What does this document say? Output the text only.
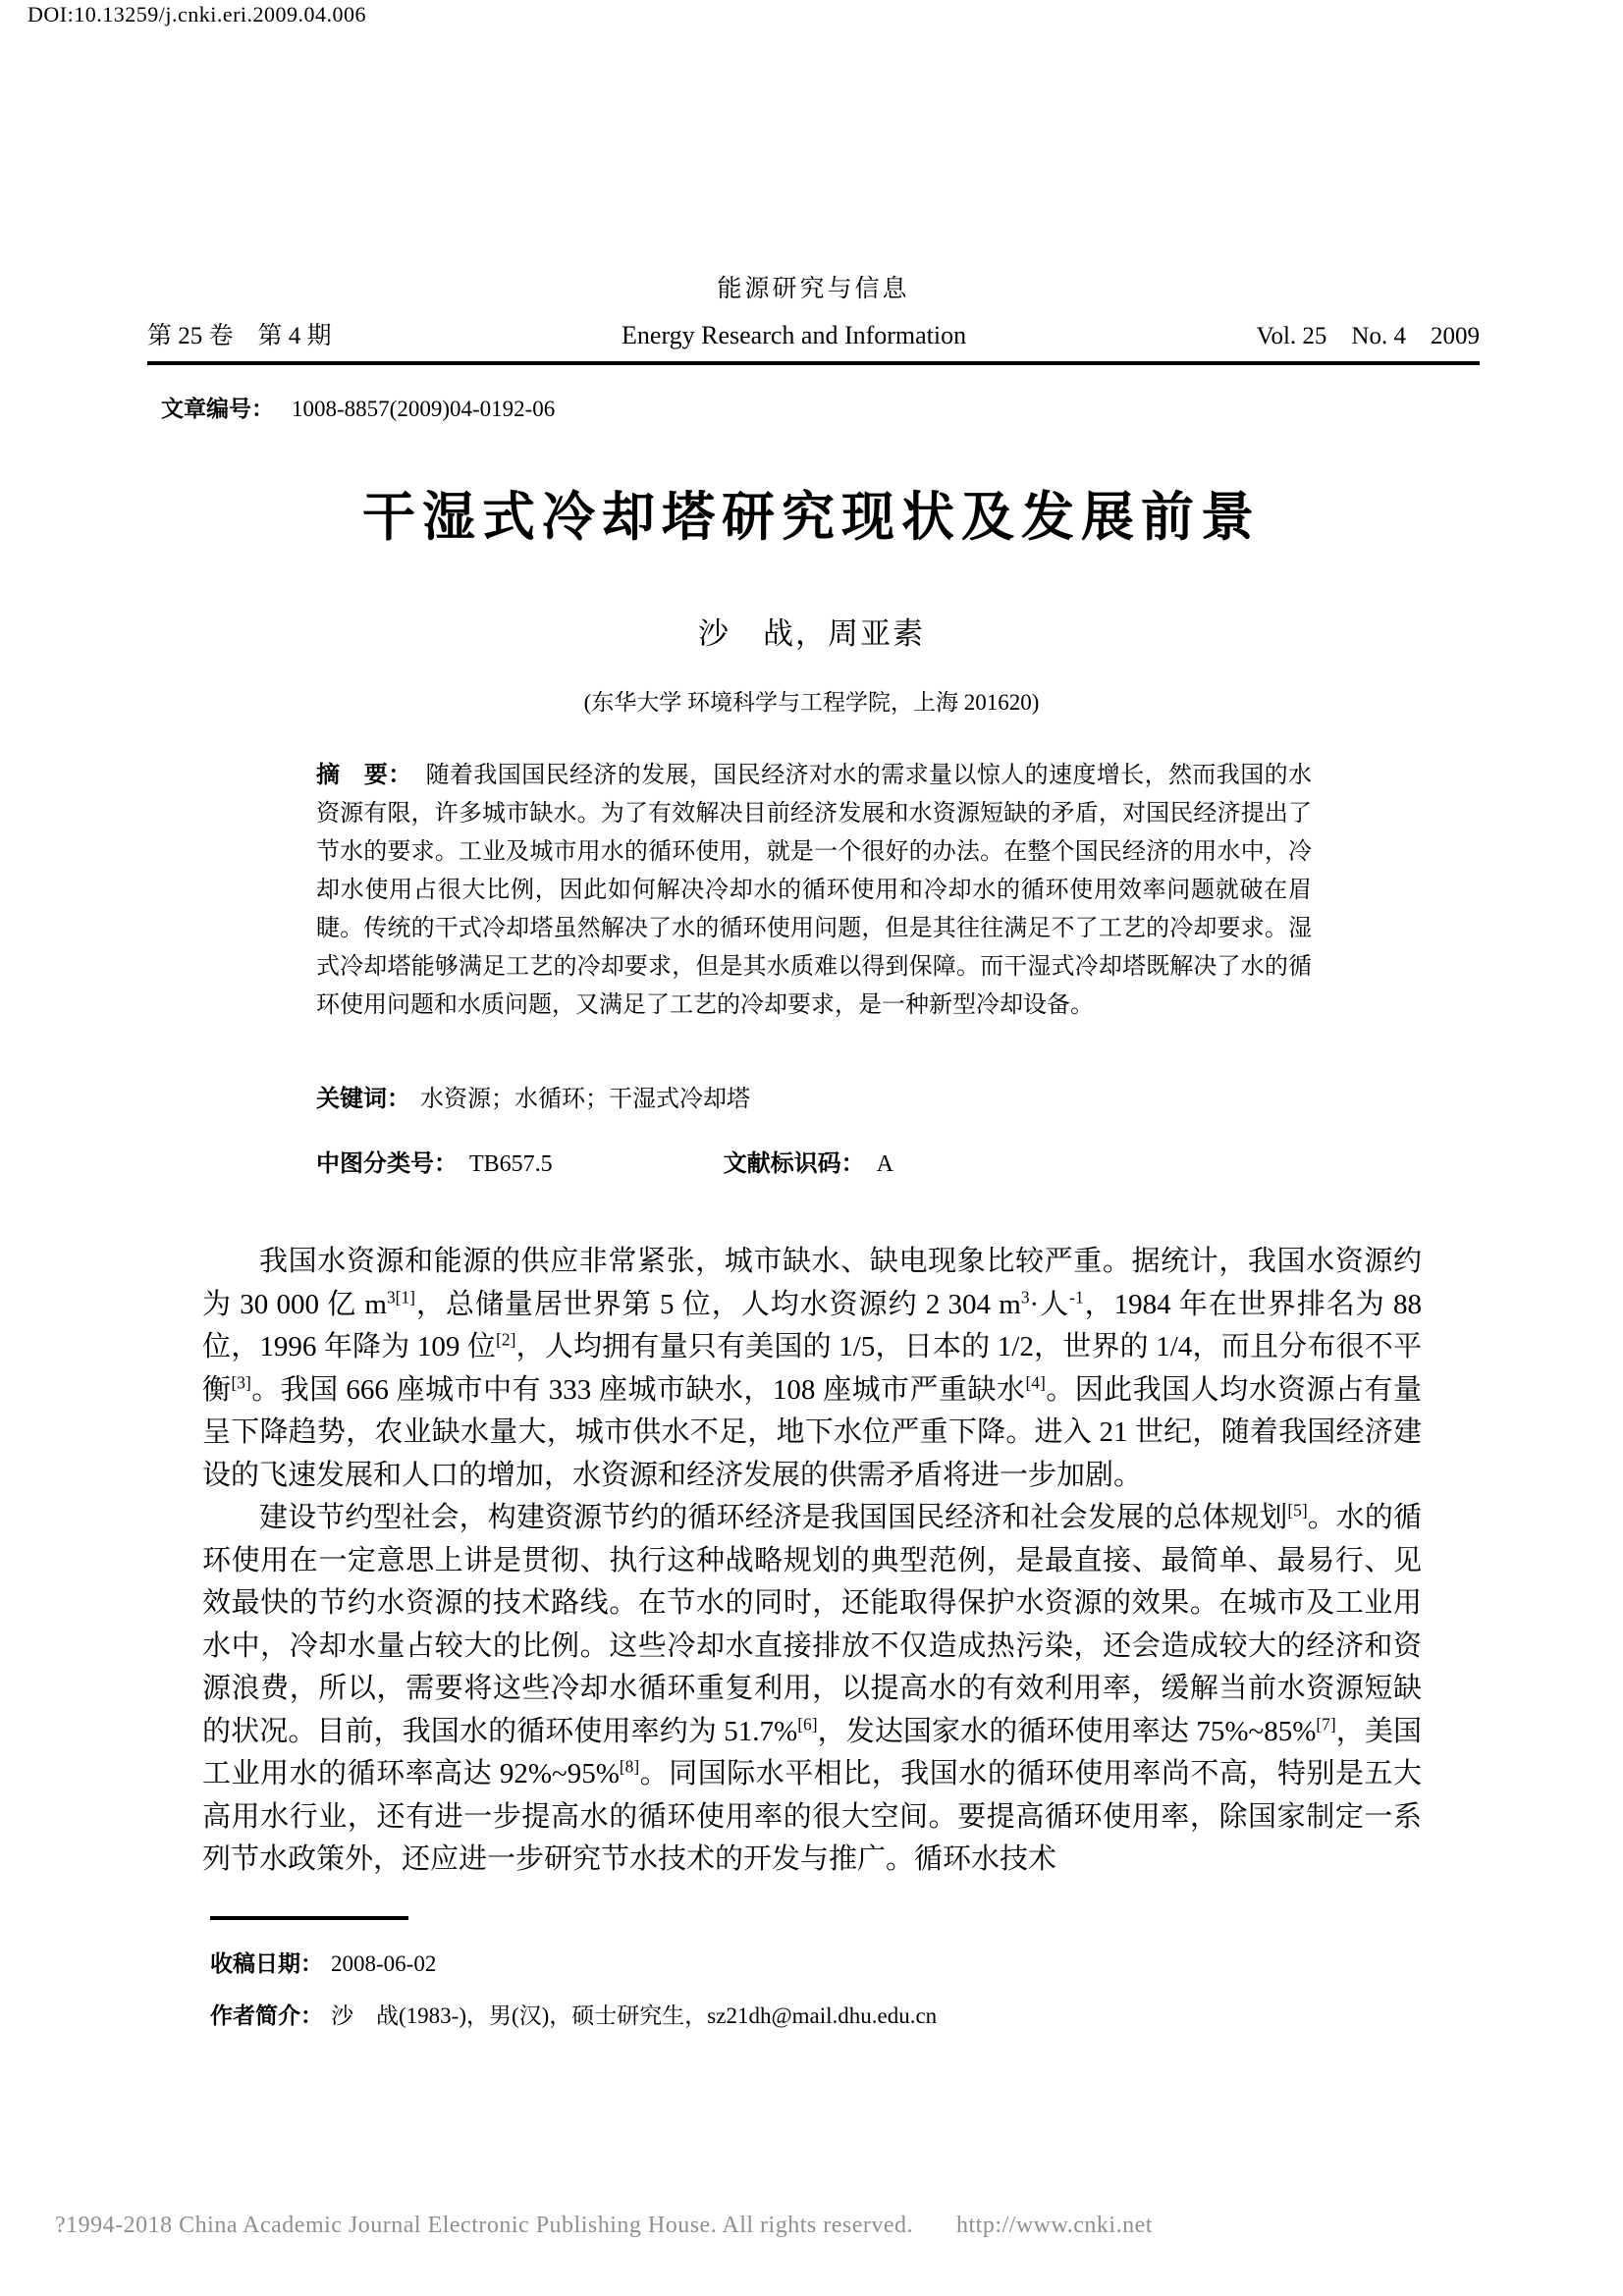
DOI:10.13259/j.cnki.eri.2009.04.006
能源研究与信息
第 25 卷　第 4 期	Energy Research and Information	Vol. 25　No. 4　2009
文章编号： 1008-8857(2009)04-0192-06
干湿式冷却塔研究现状及发展前景
沙　战，周亚素
(东华大学 环境科学与工程学院，上海 201620)

摘　要： 随着我国国民经济的发展，国民经济对水的需求量以惊人的速度增长，然而我国的水资源有限，许多城市缺水。为了有效解决目前经济发展和水资源短缺的矛盾，对国民经济提出了节水的要求。工业及城市用水的循环使用，就是一个很好的办法。在整个国民经济的用水中，冷却水使用占很大比例，因此如何解决冷却水的循环使用和冷却水的循环使用效率问题就破在眉睫。传统的干式冷却塔虽然解决了水的循环使用问题，但是其往往满足不了工艺的冷却要求。湿式冷却塔能够满足工艺的冷却要求，但是其水质难以得到保障。而干湿式冷却塔既解决了水的循环使用问题和水质问题，又满足了工艺的冷却要求，是一种新型冷却设备。

关键词： 水资源；水循环；干湿式冷却塔
中图分类号： TB657.5	文献标识码： A

我国水资源和能源的供应非常紧张，城市缺水、缺电现象比较严重。据统计，我国水资源约为 30 000 亿 $m^{3[1]}$，总储量居世界第 5 位，人均水资源约 2 304 $m^3\cdot$人$^{-1}$，1984 年在世界排名为 88 位，1996 年降为 109 位[2]，人均拥有量只有美国的 1/5，日本的 1/2，世界的 1/4，而且分布很不平衡[3]。我国 666 座城市中有 333 座城市缺水，108 座城市严重缺水[4]。因此我国人均水资源占有量呈下降趋势，农业缺水量大，城市供水不足，地下水位严重下降。进入 21 世纪，随着我国经济建设的飞速发展和人口的增加，水资源和经济发展的供需矛盾将进一步加剧。

建设节约型社会，构建资源节约的循环经济是我国国民经济和社会发展的总体规划[5]。水的循环使用在一定意思上讲是贯彻、执行这种战略规划的典型范例，是最直接、最简单、最易行、见效最快的节约水资源的技术路线。在节水的同时，还能取得保护水资源的效果。在城市及工业用水中，冷却水量占较大的比例。这些冷却水直接排放不仅造成热污染，还会造成较大的经济和资源浪费，所以，需要将这些冷却水循环重复利用，以提高水的有效利用率，缓解当前水资源短缺的状况。目前，我国水的循环使用率约为 51.7%[6]，发达国家水的循环使用率达 75%~85%[7]，美国工业用水的循环率高达 92%~95%[8]。同国际水平相比，我国水的循环使用率尚不高，特别是五大高用水行业，还有进一步提高水的循环使用率的很大空间。要提高循环使用率，除国家制定一系列节水政策外，还应进一步研究节水技术的开发与推广。循环水技术

收稿日期： 2008-06-02
作者简介： 沙　战(1983-)，男(汉)，硕士研究生，sz21dh@mail.dhu.edu.cn
?1994-2018 China Academic Journal Electronic Publishing House. All rights reserved. http://www.cnki.net
